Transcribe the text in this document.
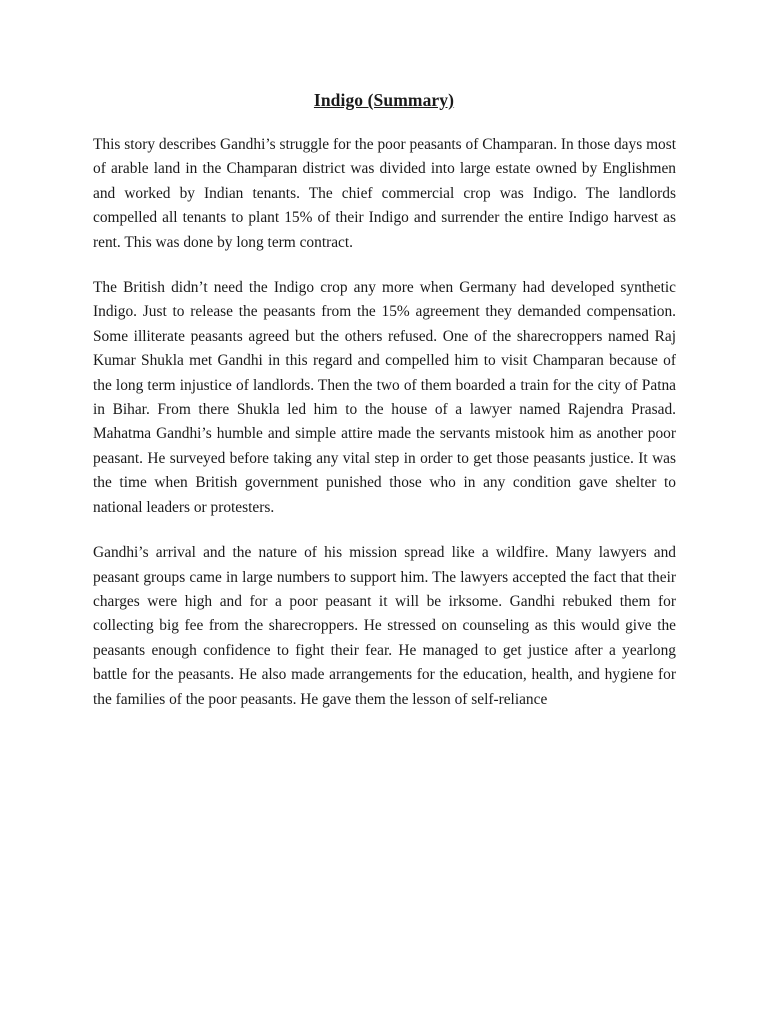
Indigo (Summary)

This story describes Gandhi’s struggle for the poor peasants of Champaran. In those days most of arable land in the Champaran district was divided into large estate owned by Englishmen and worked by Indian tenants. The chief commercial crop was Indigo. The landlords compelled all tenants to plant 15% of their Indigo and surrender the entire Indigo harvest as rent. This was done by long term contract.

The British didn’t need the Indigo crop any more when Germany had developed synthetic Indigo. Just to release the peasants from the 15% agreement they demanded compensation. Some illiterate peasants agreed but the others refused. One of the sharecroppers named Raj Kumar Shukla met Gandhi in this regard and compelled him to visit Champaran because of the long term injustice of landlords. Then the two of them boarded a train for the city of Patna in Bihar. From there Shukla led him to the house of a lawyer named Rajendra Prasad. Mahatma Gandhi’s humble and simple attire made the servants mistook him as another poor peasant. He surveyed before taking any vital step in order to get those peasants justice. It was the time when British government punished those who in any condition gave shelter to national leaders or protesters.

Gandhi’s arrival and the nature of his mission spread like a wildfire. Many lawyers and peasant groups came in large numbers to support him. The lawyers accepted the fact that their charges were high and for a poor peasant it will be irksome. Gandhi rebuked them for collecting big fee from the sharecroppers. He stressed on counseling as this would give the peasants enough confidence to fight their fear. He managed to get justice after a yearlong battle for the peasants. He also made arrangements for the education, health, and hygiene for the families of the poor peasants. He gave them the lesson of self-reliance
